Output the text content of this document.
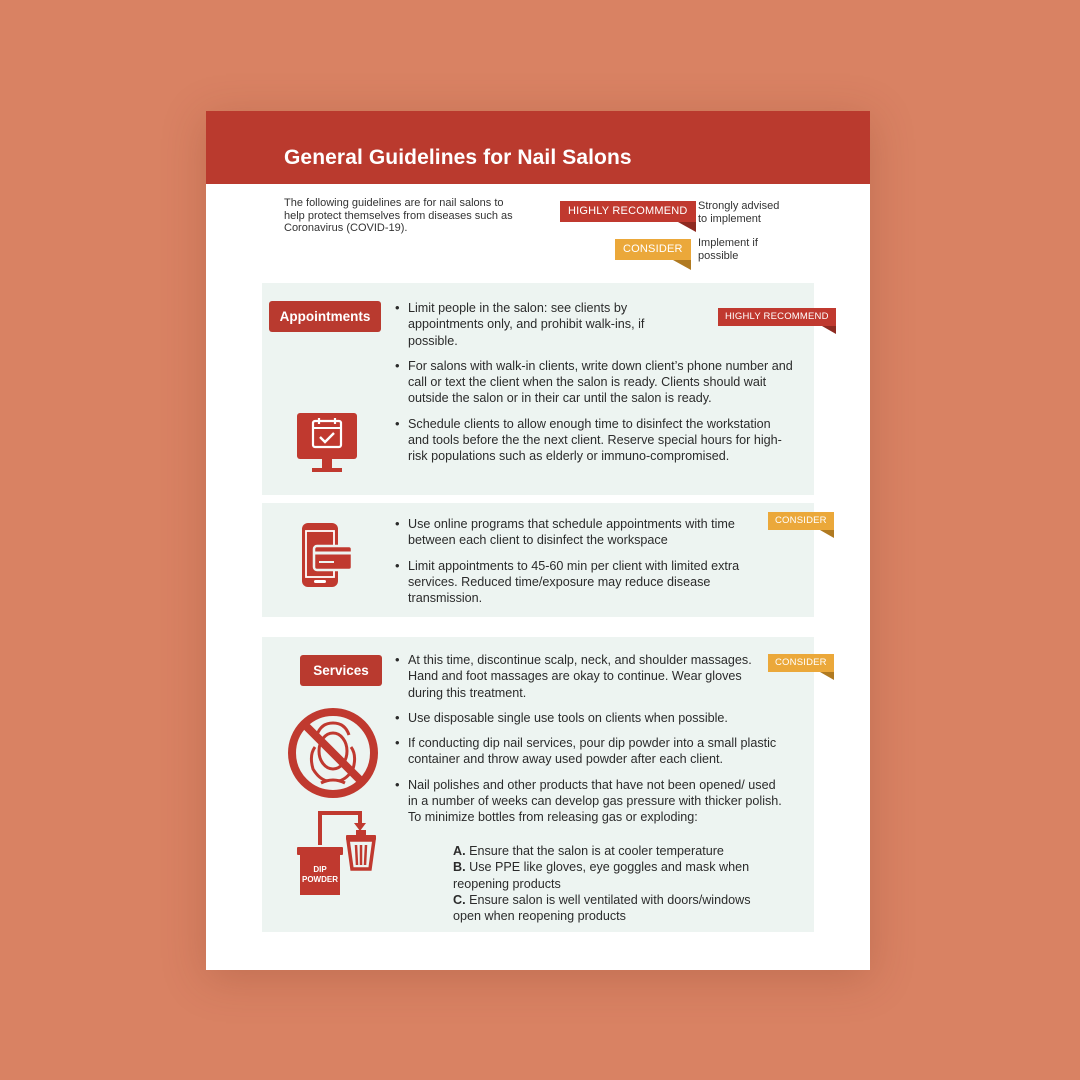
General Guidelines for Nail Salons
The following guidelines are for nail salons to help protect themselves from diseases such as Coronavirus (COVID-19).
HIGHLY RECOMMEND Strongly advised to implement
CONSIDER	Implement if possible
Appointments	HIGHLY RECOMMEND
• Limit people in the salon: see clients by appointments only, and prohibit walk-ins, if possible.
• For salons with walk-in clients, write down client’s phone number and call or text the client when the salon is ready. Clients should wait outside the salon or in their car until the salon is ready.
• Schedule clients to allow enough time to disinfect the workstation and tools before the the next client. Reserve special hours for high-risk populations such as elderly or immuno-compromised.
CONSIDER
• Use online programs that schedule appointments with time between each client to disinfect the workspace
• Limit appointments to 45-60 min per client with limited extra services. Reduced time/exposure may reduce disease transmission.
Services
CONSIDER
• At this time, discontinue scalp, neck, and shoulder massages. Hand and foot massages are okay to continue. Wear gloves during this treatment.
• Use disposable single use tools on clients when possible.
• If conducting dip nail services, pour dip powder into a small plastic container and throw away used powder after each client.
• Nail polishes and other products that have not been opened/ used in a number of weeks can develop gas pressure with thicker polish. To minimize bottles from releasing gas or exploding:
A. Ensure that the salon is at cooler temperature
B. Use PPE like gloves, eye goggles and mask when reopening products
C. Ensure salon is well ventilated with doors/windows open when reopening products
DIP
POWDER
